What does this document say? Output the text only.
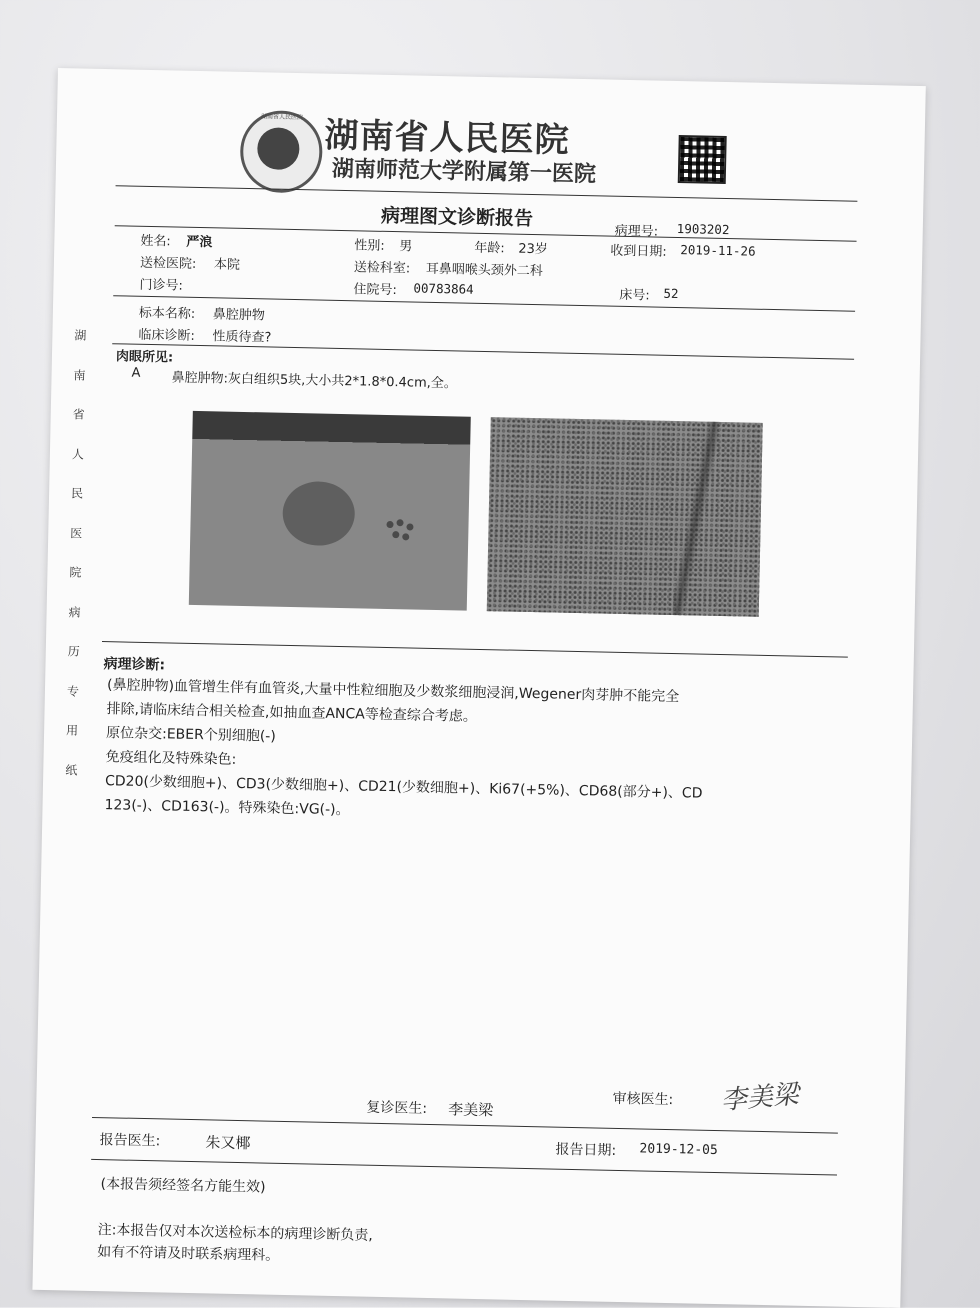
湖
南
省
人
民
医
院
病
历
专
用
纸
湖南省人民医院 湖南省人民医院
湖南师范大学附属第一医院
病理图文诊断报告
病理号: 1903202
姓名: 严浪	性别: 男	年龄: 23岁	收到日期: 2019-11-26
送检医院: 本院	送检科室: 耳鼻咽喉头颈外二科
门诊号:	住院号: 00783864	床号: 52
标本名称: 鼻腔肿物
临床诊断: 性质待查?
肉眼所见:
A 鼻腔肿物:灰白组织5块,大小共2*1.8*0.4cm,全。
病理诊断:
(鼻腔肿物)血管增生伴有血管炎,大量中性粒细胞及少数浆细胞浸润,Wegener肉芽肿不能完全
排除,请临床结合相关检查,如抽血查ANCA等检查综合考虑。
原位杂交:EBER个别细胞(-)
免疫组化及特殊染色:
CD20(少数细胞+)、CD3(少数细胞+)、CD21(少数细胞+)、Ki67(+5%)、CD68(部分+)、CD
123(-)、CD163(-)。特殊染色:VG(-)。
审核医生: 李美梁
复诊医生: 李美梁
报告医生:	朱又椰	报告日期: 2019-12-05
(本报告须经签名方能生效)
注:本报告仅对本次送检标本的病理诊断负责,
如有不符请及时联系病理科。
